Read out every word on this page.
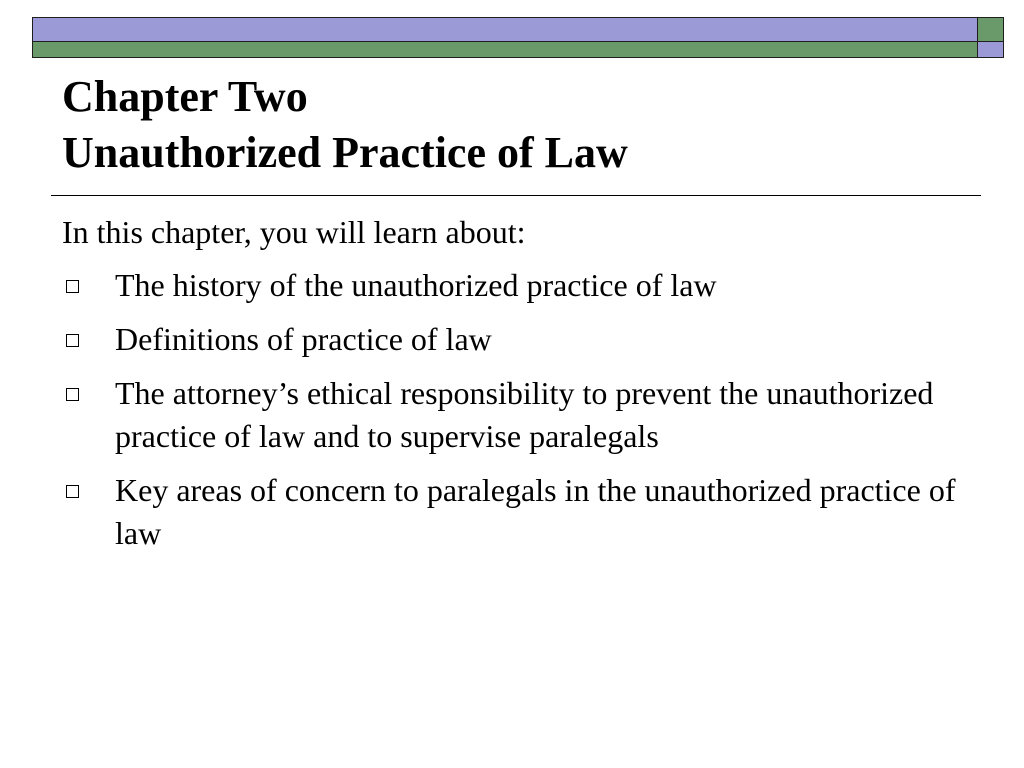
Chapter Two
Unauthorized Practice of Law

In this chapter, you will learn about:

The history of the unauthorized practice of law
Definitions of practice of law
The attorney’s ethical responsibility to prevent the unauthorized practice of law and to supervise paralegals
Key areas of concern to paralegals in the unauthorized practice of law
